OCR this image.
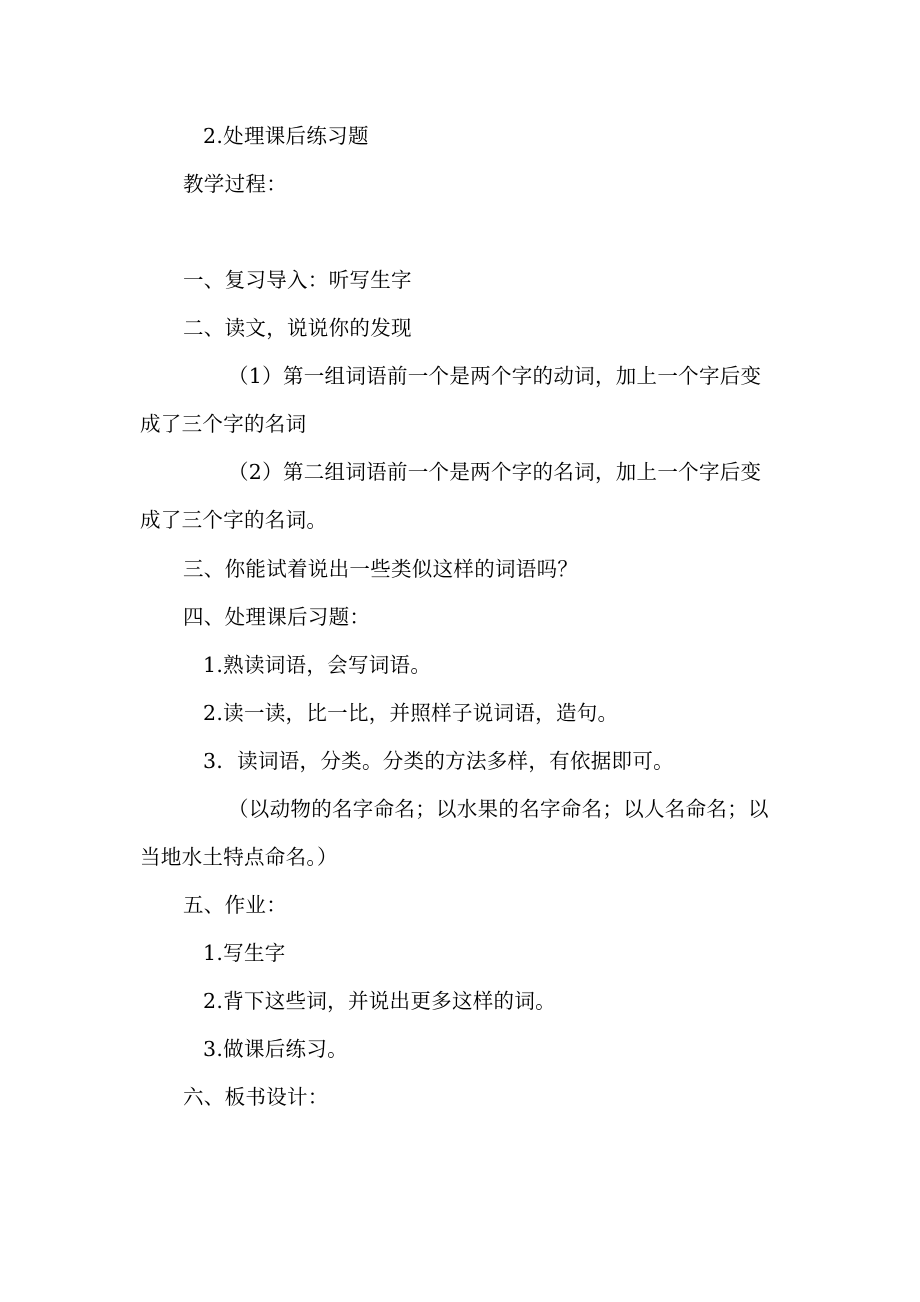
2.处理课后练习题
教学过程：
一、复习导入：听写生字
二、读文，说说你的发现
（1）第一组词语前一个是两个字的动词，加上一个字后变
成了三个字的名词
（2）第二组词语前一个是两个字的名词，加上一个字后变
成了三个字的名词。
三、你能试着说出一些类似这样的词语吗？
四、处理课后习题：
1.熟读词语，会写词语。
2.读一读，比一比，并照样子说词语，造句。
3．读词语，分类。分类的方法多样，有依据即可。
（以动物的名字命名；以水果的名字命名；以人名命名；以
当地水土特点命名。）
五、作业：
1.写生字
2.背下这些词，并说出更多这样的词。
3.做课后练习。
六、板书设计：
